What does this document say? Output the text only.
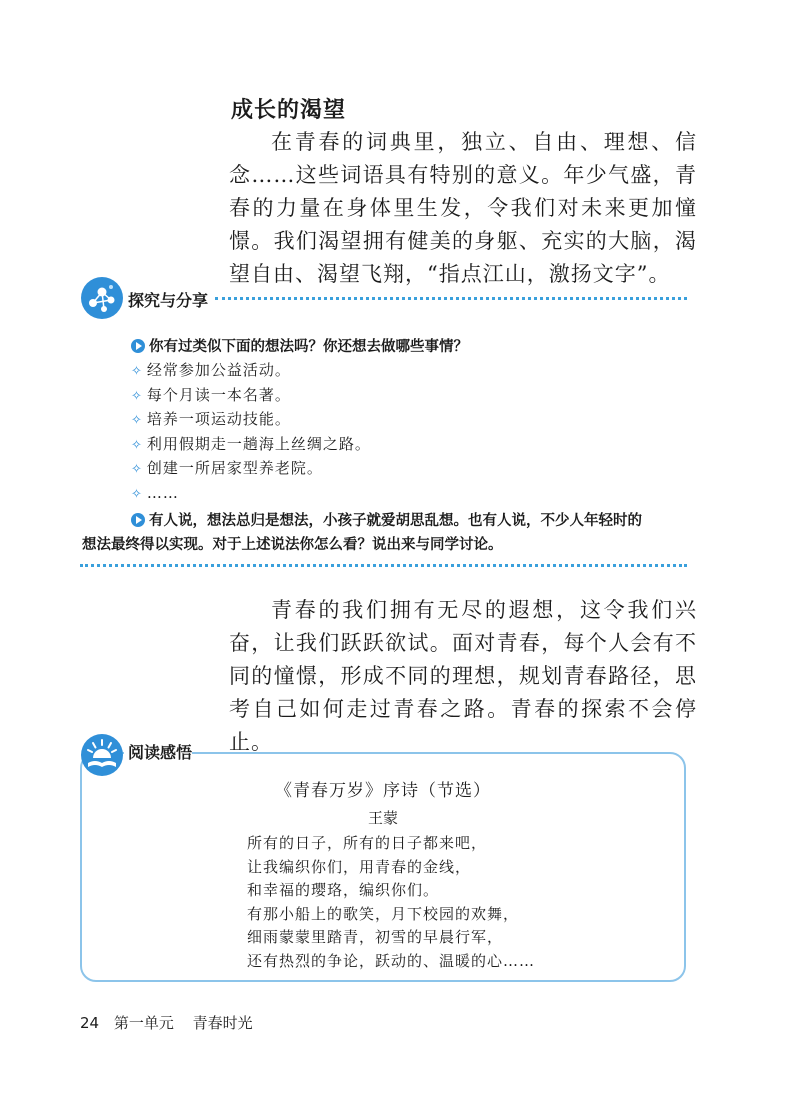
成长的渴望
在青春的词典里，独立、自由、理想、信念……这些词语具有特别的意义。年少气盛，青春的力量在身体里生发，令我们对未来更加憧憬。我们渴望拥有健美的身躯、充实的大脑，渴望自由、渴望飞翔，“指点江山，激扬文字”。
探究与分享
你有过类似下面的想法吗？你还想去做哪些事情？
✧ 经常参加公益活动。
✧ 每个月读一本名著。
✧ 培养一项运动技能。
✧ 利用假期走一趟海上丝绸之路。
✧ 创建一所居家型养老院。
✧ ……
有人说，想法总归是想法，小孩子就爱胡思乱想。也有人说，不少人年轻时的
想法最终得以实现。对于上述说法你怎么看？说出来与同学讨论。
青春的我们拥有无尽的遐想，这令我们兴奋，让我们跃跃欲试。面对青春，每个人会有不同的憧憬，形成不同的理想，规划青春路径，思考自己如何走过青春之路。青春的探索不会停止。
阅读感悟
《青春万岁》序诗（节选）
王蒙
所有的日子，所有的日子都来吧，
让我编织你们，用青春的金线，
和幸福的璎珞，编织你们。
有那小船上的歌笑，月下校园的欢舞，
细雨蒙蒙里踏青，初雪的早晨行军，
还有热烈的争论，跃动的、温暖的心……
24 第一单元 青春时光
